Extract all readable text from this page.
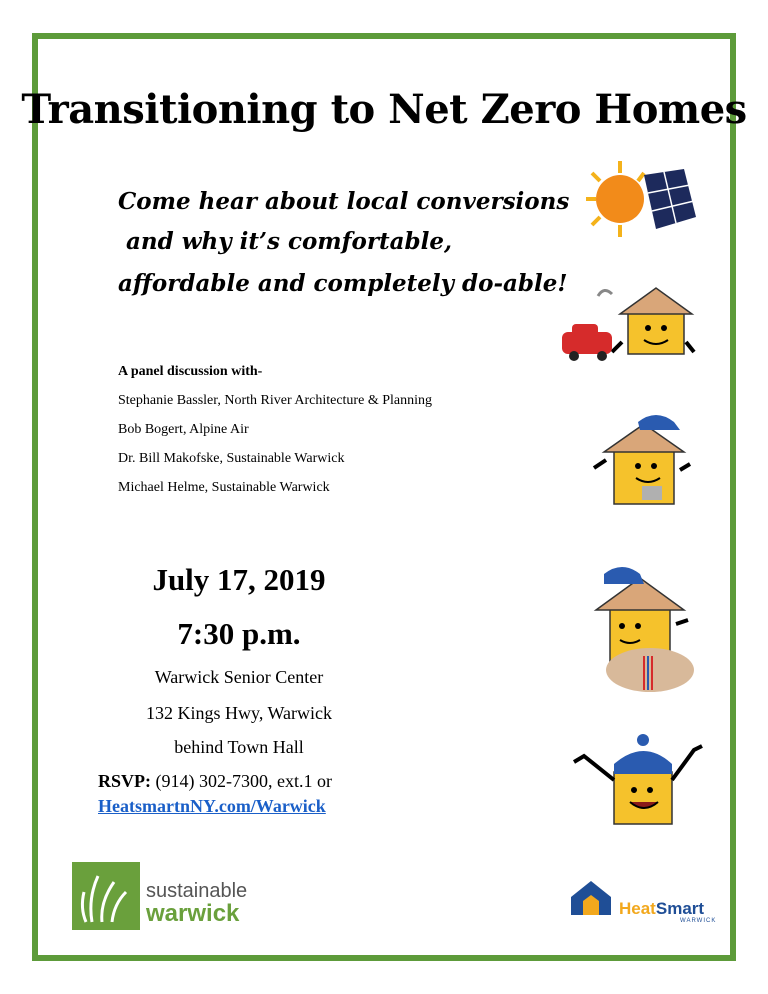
Transitioning to Net Zero Homes
Come hear about local conversions
and why it’s comfortable,
affordable and completely do-able!
A panel discussion with-
Stephanie Bassler, North River Architecture & Planning
Bob Bogert, Alpine Air
Dr. Bill Makofske, Sustainable Warwick
Michael Helme, Sustainable Warwick
July 17, 2019
7:30 p.m.
Warwick Senior Center
132 Kings Hwy, Warwick
behind Town Hall
RSVP: (914) 302-7300, ext.1 or
HeatsmartnNY.com/Warwick
sustainable
warwick	HeatSmart
WARWICK
